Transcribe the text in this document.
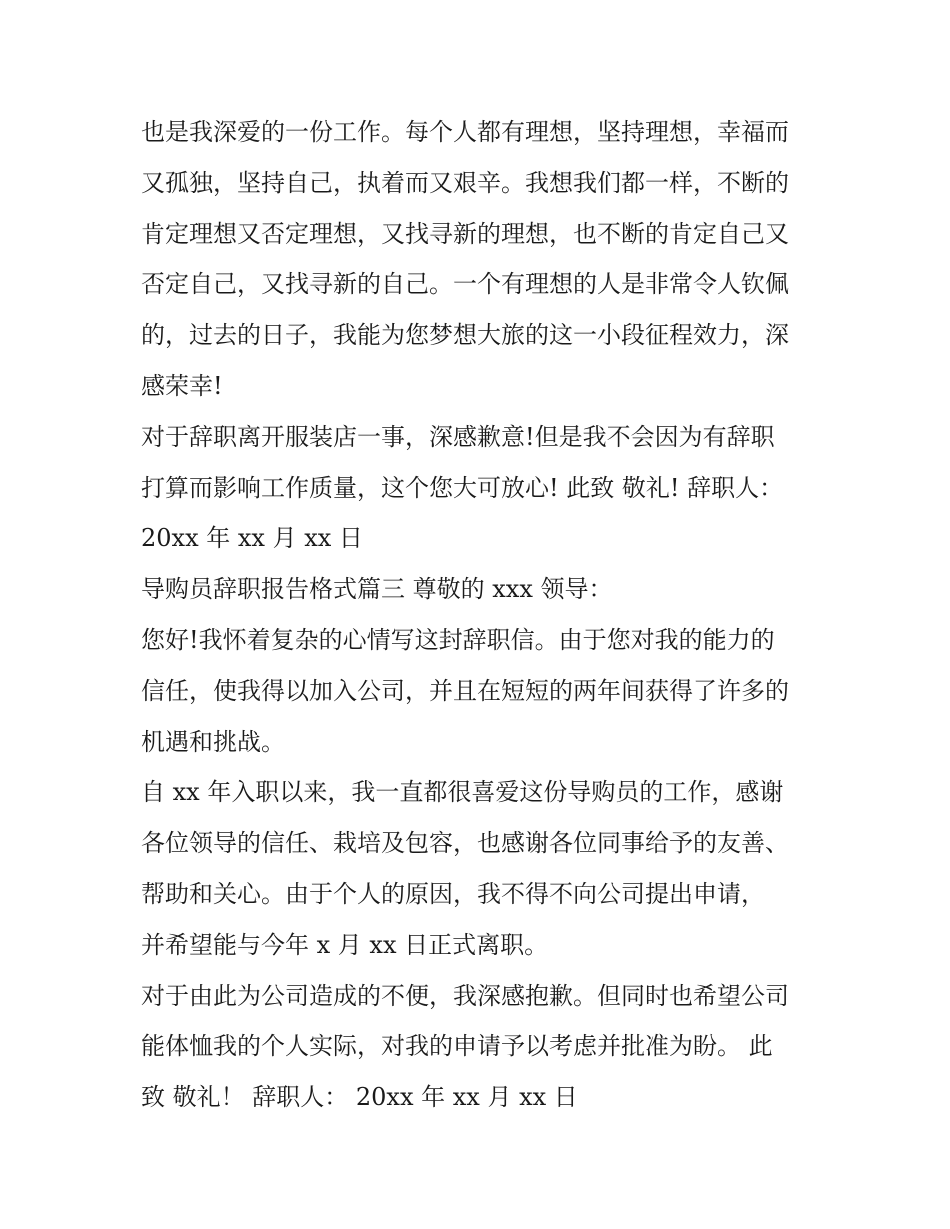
也是我深爱的一份工作。每个人都有理想，坚持理想，幸福而
又孤独，坚持自己，执着而又艰辛。我想我们都一样，不断的
肯定理想又否定理想，又找寻新的理想，也不断的肯定自己又
否定自己，又找寻新的自己。一个有理想的人是非常令人钦佩
的，过去的日子，我能为您梦想大旅的这一小段征程效力，深
感荣幸!
对于辞职离开服装店一事，深感歉意!但是我不会因为有辞职
打算而影响工作质量，这个您大可放心! 此致 敬礼! 辞职人：
20xx 年 xx 月 xx 日
导购员辞职报告格式篇三 尊敬的 xxx 领导：
您好!我怀着复杂的心情写这封辞职信。由于您对我的能力的
信任，使我得以加入公司，并且在短短的两年间获得了许多的
机遇和挑战。
自 xx 年入职以来，我一直都很喜爱这份导购员的工作，感谢
各位领导的信任、栽培及包容，也感谢各位同事给予的友善、
帮助和关心。由于个人的原因，我不得不向公司提出申请，
并希望能与今年 x 月 xx 日正式离职。
对于由此为公司造成的不便，我深感抱歉。但同时也希望公司
能体恤我的个人实际，对我的申请予以考虑并批准为盼。 此
致 敬礼！ 辞职人： 20xx 年 xx 月 xx 日
